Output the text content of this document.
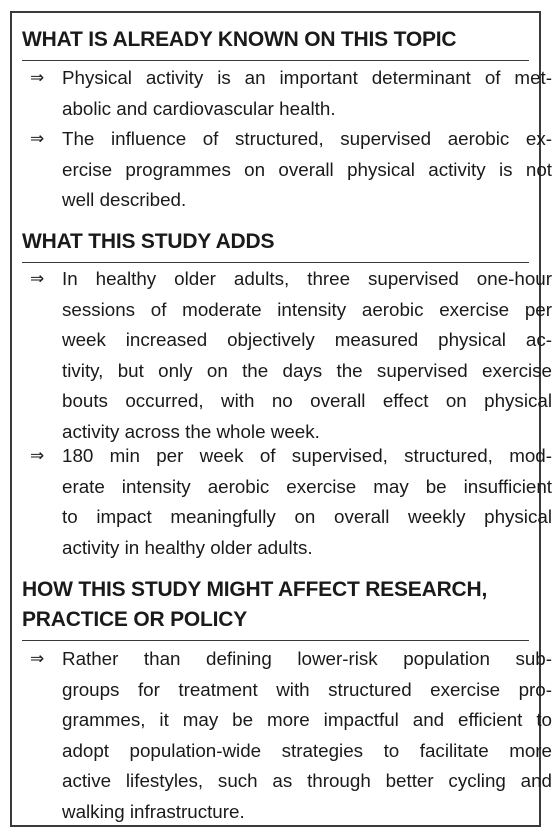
WHAT IS ALREADY KNOWN ON THIS TOPIC
⇒ Physical activity is an important determinant of met-
abolic and cardiovascular health.
⇒ The influence of structured, supervised aerobic ex-
ercise programmes on overall physical activity is not
well described.
WHAT THIS STUDY ADDS
⇒ In healthy older adults, three supervised one-hour
sessions of moderate intensity aerobic exercise per
week increased objectively measured physical ac-
tivity, but only on the days the supervised exercise
bouts occurred, with no overall effect on physical
activity across the whole week.
⇒ 180 min per week of supervised, structured, mod-
erate intensity aerobic exercise may be insufficient
to impact meaningfully on overall weekly physical
activity in healthy older adults.
HOW THIS STUDY MIGHT AFFECT RESEARCH,
PRACTICE OR POLICY
⇒ Rather than defining lower-risk population sub-
groups for treatment with structured exercise pro-
grammes, it may be more impactful and efficient to
adopt population-wide strategies to facilitate more
active lifestyles, such as through better cycling and
walking infrastructure.
